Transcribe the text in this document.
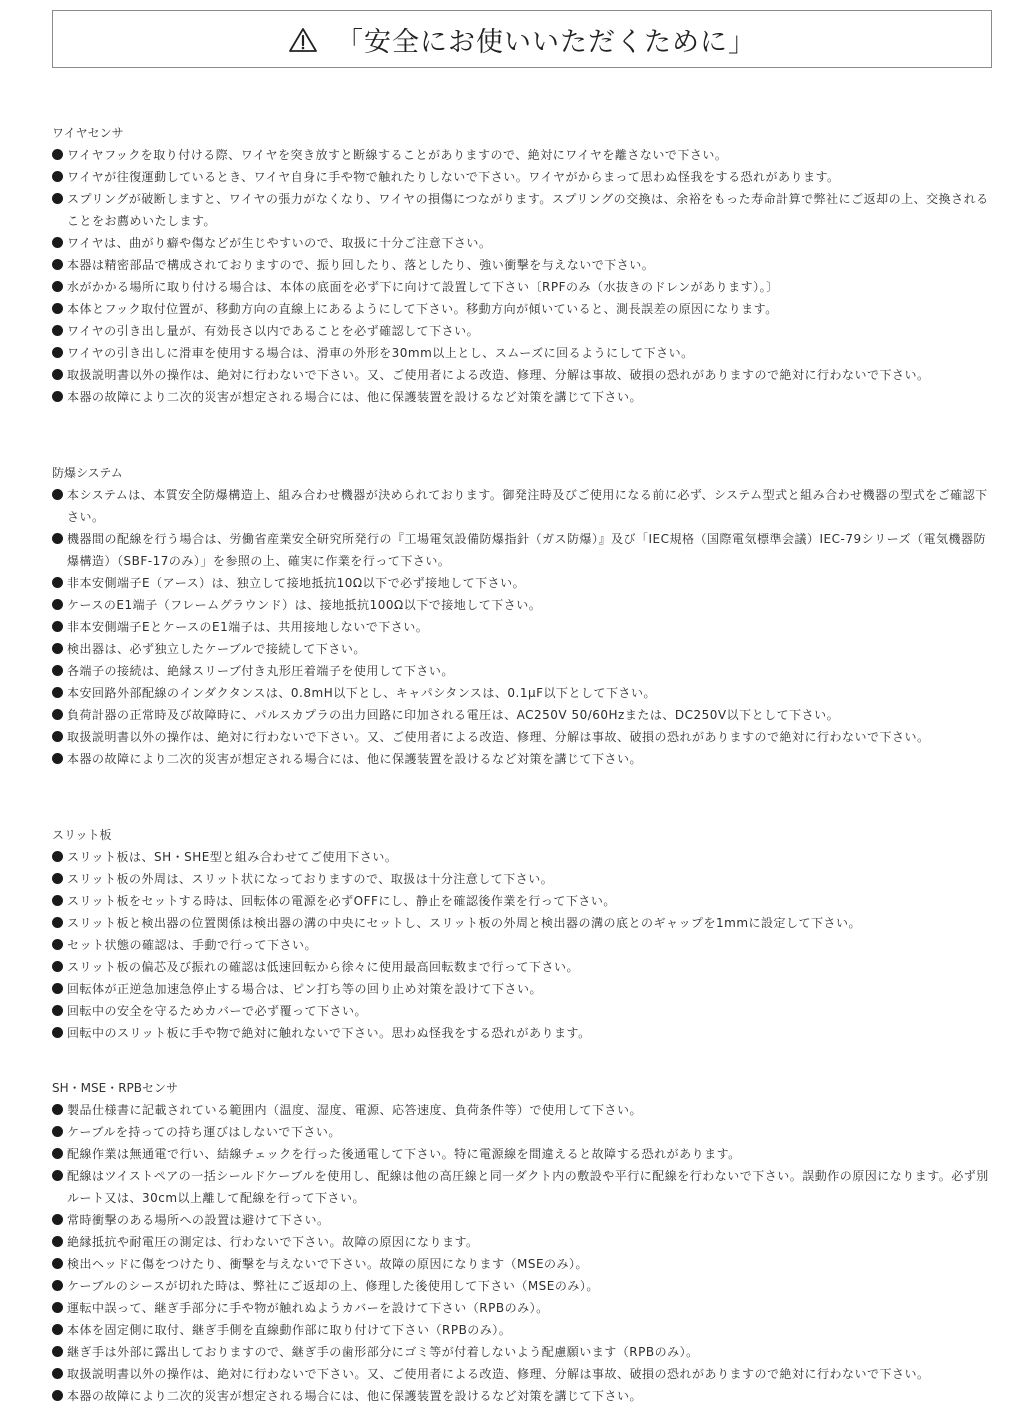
「安全にお使いいただくために」
ワイヤセンサ
ワイヤフックを取り付ける際、ワイヤを突き放すと断線することがありますので、絶対にワイヤを離さないで下さい。
ワイヤが往復運動しているとき、ワイヤ自身に手や物で触れたりしないで下さい。ワイヤがからまって思わぬ怪我をする恐れがあります。
スプリングが破断しますと、ワイヤの張力がなくなり、ワイヤの損傷につながります。スプリングの交換は、余裕をもった寿命計算で弊社にご返却の上、交換されることをお薦めいたします。
ワイヤは、曲がり癖や傷などが生じやすいので、取扱に十分ご注意下さい。
本器は精密部品で構成されておりますので、振り回したり、落としたり、強い衝撃を与えないで下さい。
水がかかる場所に取り付ける場合は、本体の底面を必ず下に向けて設置して下さい〔RPFのみ（水抜きのドレンがあります）。〕
本体とフック取付位置が、移動方向の直線上にあるようにして下さい。移動方向が傾いていると、測長誤差の原因になります。
ワイヤの引き出し量が、有効長さ以内であることを必ず確認して下さい。
ワイヤの引き出しに滑車を使用する場合は、滑車の外形を30mm以上とし、スムーズに回るようにして下さい。
取扱説明書以外の操作は、絶対に行わないで下さい。又、ご使用者による改造、修理、分解は事故、破損の恐れがありますので絶対に行わないで下さい。
本器の故障により二次的災害が想定される場合には、他に保護装置を設けるなど対策を講じて下さい。
防爆システム
本システムは、本質安全防爆構造上、組み合わせ機器が決められております。御発注時及びご使用になる前に必ず、システム型式と組み合わせ機器の型式をご確認下さい。
機器間の配線を行う場合は、労働省産業安全研究所発行の『工場電気設備防爆指針（ガス防爆）』及び「IEC規格（国際電気標準会議）IEC-79シリーズ（電気機器防爆構造）（SBF-17のみ）」を参照の上、確実に作業を行って下さい。
非本安側端子E（アース）は、独立して接地抵抗10Ω以下で必ず接地して下さい。
ケースのE1端子（フレームグラウンド）は、接地抵抗100Ω以下で接地して下さい。
非本安側端子EとケースのE1端子は、共用接地しないで下さい。
検出器は、必ず独立したケーブルで接続して下さい。
各端子の接続は、絶縁スリーブ付き丸形圧着端子を使用して下さい。
本安回路外部配線のインダクタンスは、0.8mH以下とし、キャパシタンスは、0.1μF以下として下さい。
負荷計器の正常時及び故障時に、パルスカプラの出力回路に印加される電圧は、AC250V 50/60Hzまたは、DC250V以下として下さい。
取扱説明書以外の操作は、絶対に行わないで下さい。又、ご使用者による改造、修理、分解は事故、破損の恐れがありますので絶対に行わないで下さい。
本器の故障により二次的災害が想定される場合には、他に保護装置を設けるなど対策を講じて下さい。
スリット板
スリット板は、SH・SHE型と組み合わせてご使用下さい。
スリット板の外周は、スリット状になっておりますので、取扱は十分注意して下さい。
スリット板をセットする時は、回転体の電源を必ずOFFにし、静止を確認後作業を行って下さい。
スリット板と検出器の位置関係は検出器の溝の中央にセットし、スリット板の外周と検出器の溝の底とのギャップを1mmに設定して下さい。
セット状態の確認は、手動で行って下さい。
スリット板の偏芯及び振れの確認は低速回転から徐々に使用最高回転数まで行って下さい。
回転体が正逆急加速急停止する場合は、ピン打ち等の回り止め対策を設けて下さい。
回転中の安全を守るためカバーで必ず覆って下さい。
回転中のスリット板に手や物で絶対に触れないで下さい。思わぬ怪我をする恐れがあります。
SH・MSE・RPBセンサ
製品仕様書に記載されている範囲内（温度、湿度、電源、応答速度、負荷条件等）で使用して下さい。
ケーブルを持っての持ち運びはしないで下さい。
配線作業は無通電で行い、結線チェックを行った後通電して下さい。特に電源線を間違えると故障する恐れがあります。
配線はツイストペアの一括シールドケーブルを使用し、配線は他の高圧線と同一ダクト内の敷設や平行に配線を行わないで下さい。誤動作の原因になります。必ず別ルート又は、30cm以上離して配線を行って下さい。
常時衝撃のある場所への設置は避けて下さい。
絶縁抵抗や耐電圧の測定は、行わないで下さい。故障の原因になります。
検出ヘッドに傷をつけたり、衝撃を与えないで下さい。故障の原因になります（MSEのみ）。
ケーブルのシースが切れた時は、弊社にご返却の上、修理した後使用して下さい（MSEのみ）。
運転中誤って、継ぎ手部分に手や物が触れぬようカバーを設けて下さい（RPBのみ）。
本体を固定側に取付、継ぎ手側を直線動作部に取り付けて下さい（RPBのみ）。
継ぎ手は外部に露出しておりますので、継ぎ手の歯形部分にゴミ等が付着しないよう配慮願います（RPBのみ）。
取扱説明書以外の操作は、絶対に行わないで下さい。又、ご使用者による改造、修理、分解は事故、破損の恐れがありますので絶対に行わないで下さい。
本器の故障により二次的災害が想定される場合には、他に保護装置を設けるなど対策を講じて下さい。
